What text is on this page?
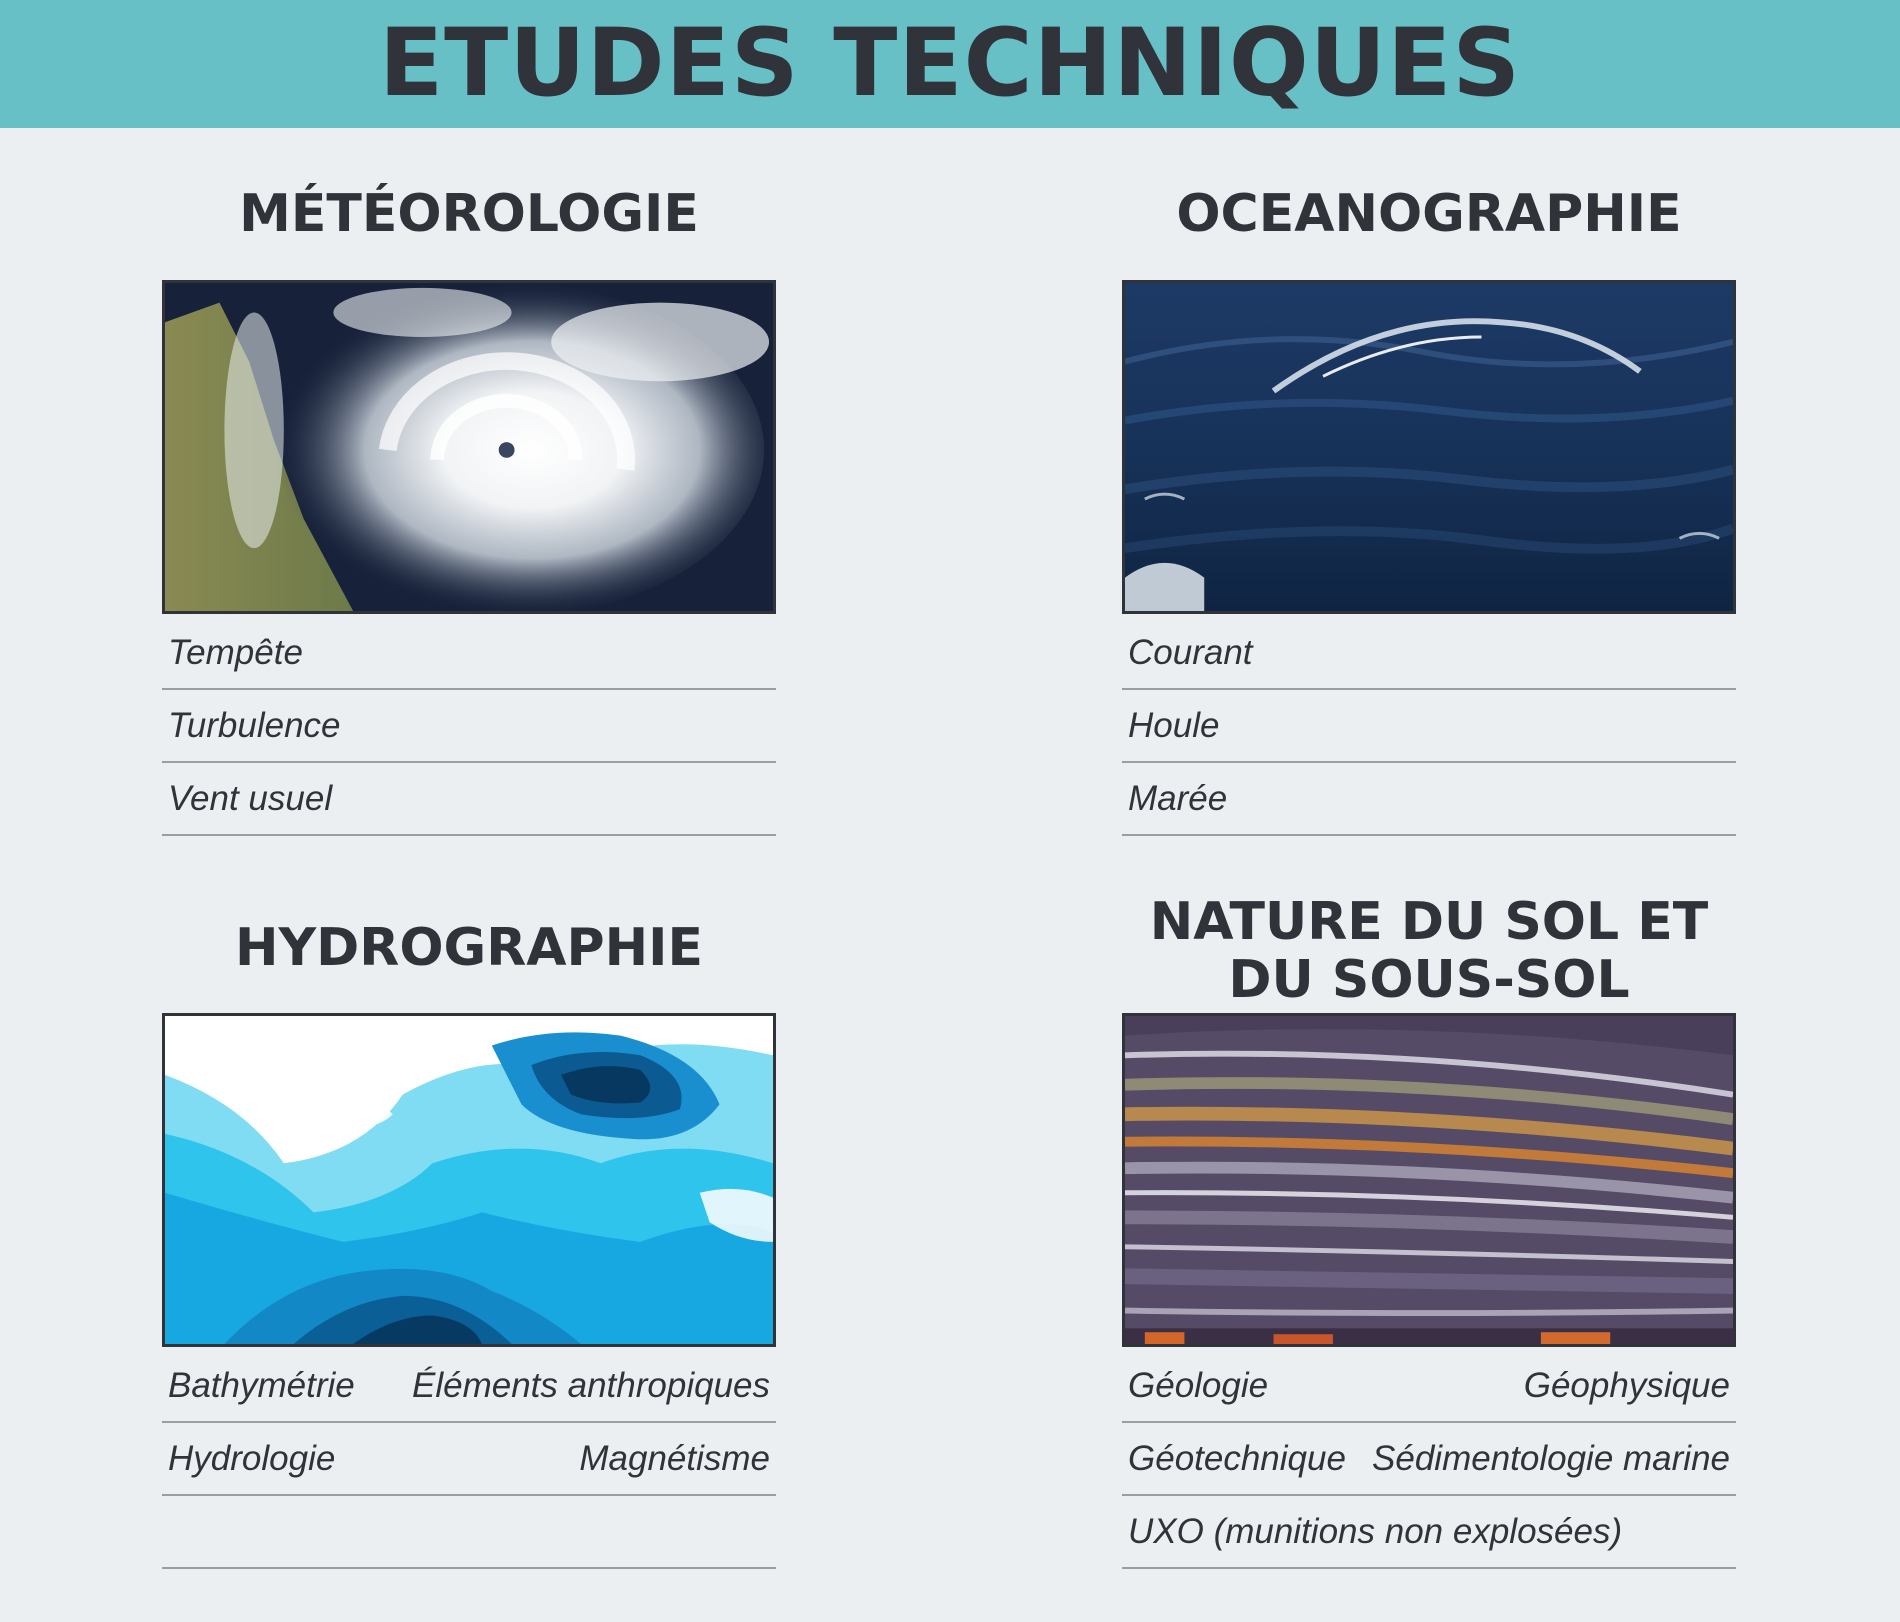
ETUDES TECHNIQUES
MÉTÉOROLOGIE
Tempête
Turbulence
Vent usuel
OCEANOGRAPHIE
Courant
Houle
Marée
HYDROGRAPHIE
Bathymétrie Éléments anthropiques
Hydrologie	Magnétisme
NATURE DU SOL ET
DU SOUS-SOL
Géologie	Géophysique
Géotechnique Sédimentologie marine
UXO (munitions non explosées)
